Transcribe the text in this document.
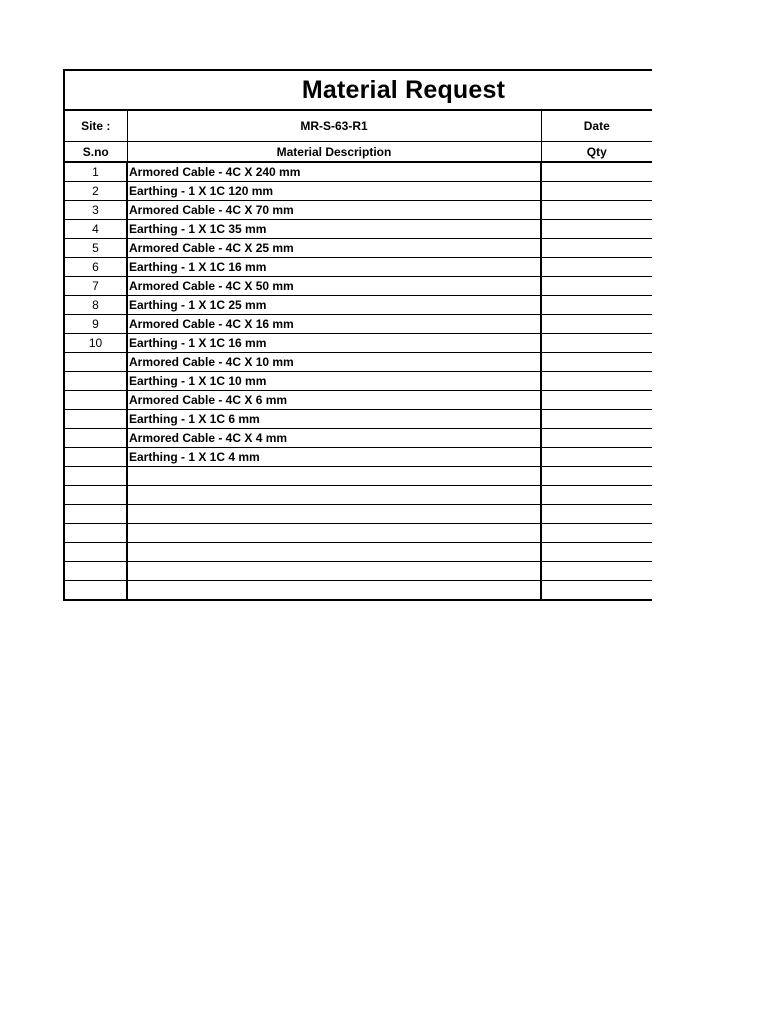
Material Request
Site :	MR-S-63-R1	Date
S.no	Material Description	Qty
1	Armored Cable - 4C X 240 mm	
2	Earthing - 1 X 1C 120 mm	
3	Armored Cable - 4C X 70 mm	
4	Earthing - 1 X 1C 35 mm	
5	Armored Cable - 4C X 25 mm	
6	Earthing - 1 X 1C 16 mm	
7	Armored Cable - 4C X 50 mm	
8	Earthing - 1 X 1C 25 mm	
9	Armored Cable - 4C X 16 mm	
10	Earthing - 1 X 1C 16 mm	
	Armored Cable - 4C X 10 mm	
	Earthing - 1 X 1C 10 mm	
	Armored Cable - 4C X 6 mm	
	Earthing - 1 X 1C 6 mm	
	Armored Cable - 4C X 4 mm	
	Earthing - 1 X 1C 4 mm	
